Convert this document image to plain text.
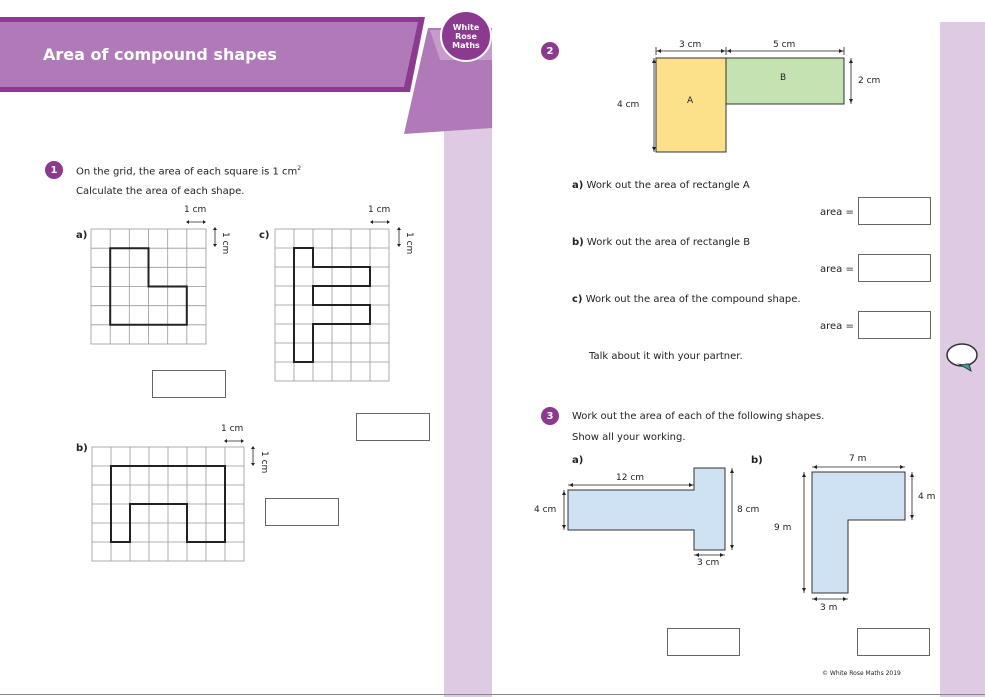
Area of compound shapes
White
Rose
Maths
1	On the grid, the area of each square is 1 $cm^2$
Calculate the area of each shape.
a)
b)
c)
1 cm
1 cm
1 cm
1 cm
1 cm
1 cm
2
3 cm	5 cm
2 cm
4 cm	A
B
a) Work out the area of rectangle A
area =
b) Work out the area of rectangle B
area =
c) Work out the area of the compound shape.
area =
Talk about it with your partner.
3	Work out the area of each of the following shapes.
Show all your working.
a)	b)
12 cm
4 cm	8 cm
3 cm
7 m
4 m
9 m
3 m
© White Rose Maths 2019
